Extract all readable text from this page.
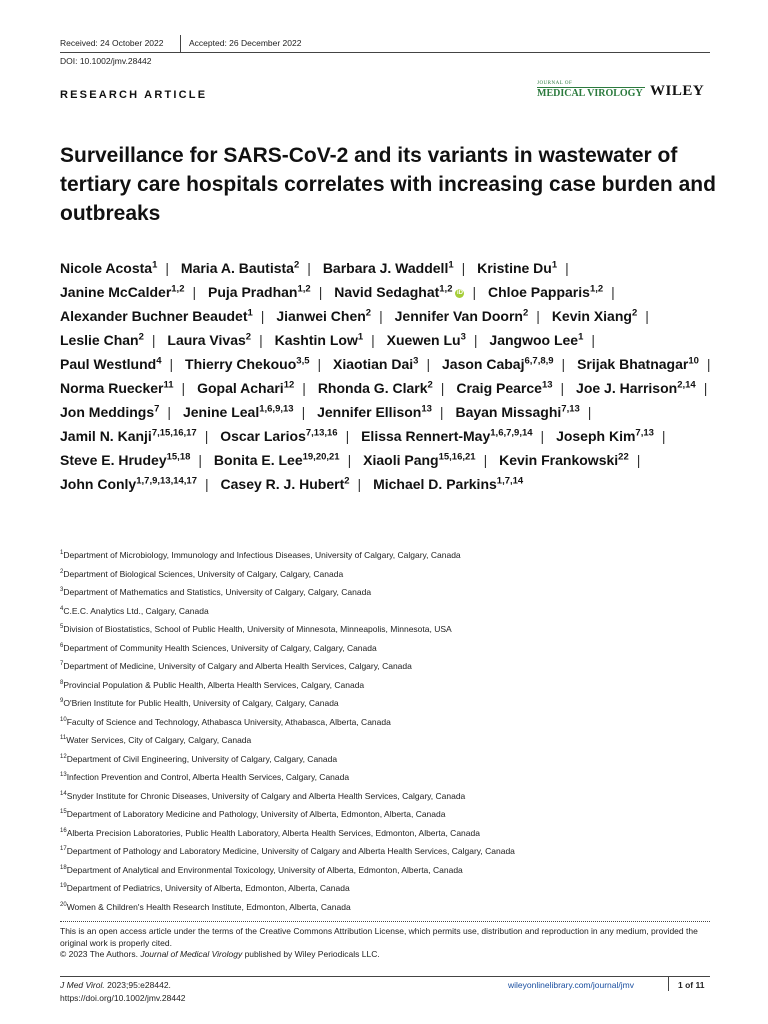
Received: 24 October 2022	Accepted: 26 December 2022
DOI: 10.1002/jmv.28442
RESEARCH ARTICLE
JOURNAL OF
MEDICAL VIROLOGY WILEY
Surveillance for SARS-CoV-2 and its variants in wastewater of tertiary care hospitals correlates with increasing case burden and outbreaks
Nicole Acosta$^1$ | Maria A. Bautista$^2$ | Barbara J. Waddell$^1$ | Kristine Du$^1$ | Janine McCalder$^{1,2}$ | Puja Pradhan$^{1,2}$ | Navid Sedaghat$^{1,2}$ iD | Chloe Papparis$^{1,2}$ | Alexander Buchner Beaudet$^1$ | Jianwei Chen$^2$ | Jennifer Van Doorn$^2$ | Kevin Xiang$^2$ | Leslie Chan$^2$ | Laura Vivas$^2$ | Kashtin Low$^1$ | Xuewen Lu$^3$ | Jangwoo Lee$^1$ | Paul Westlund$^4$ | Thierry Chekouo$^{3,5}$ | Xiaotian Dai$^3$ | Jason Cabaj$^{6,7,8,9}$ | Srijak Bhatnagar$^{10}$ | Norma Ruecker$^{11}$ | Gopal Achari$^{12}$ | Rhonda G. Clark$^2$ | Craig Pearce$^{13}$ | Joe J. Harrison$^{2,14}$ | Jon Meddings$^7$ | Jenine Leal$^{1,6,9,13}$ | Jennifer Ellison$^{13}$ | Bayan Missaghi$^{7,13}$ | Jamil N. Kanji$^{7,15,16,17}$ | Oscar Larios$^{7,13,16}$ | Elissa Rennert-May$^{1,6,7,9,14}$ | Joseph Kim$^{7,13}$ | Steve E. Hrudey$^{15,18}$ | Bonita E. Lee$^{19,20,21}$ | Xiaoli Pang$^{15,16,21}$ | Kevin Frankowski$^{22}$ | John Conly$^{1,7,9,13,14,17}$ | Casey R. J. Hubert$^2$ | Michael D. Parkins$^{1,7,14}$
$^1$Department of Microbiology, Immunology and Infectious Diseases, University of Calgary, Calgary, Canada
$^2$Department of Biological Sciences, University of Calgary, Calgary, Canada
$^3$Department of Mathematics and Statistics, University of Calgary, Calgary, Canada
$^4$C.E.C. Analytics Ltd., Calgary, Canada
$^5$Division of Biostatistics, School of Public Health, University of Minnesota, Minneapolis, Minnesota, USA
$^6$Department of Community Health Sciences, University of Calgary, Calgary, Canada
$^7$Department of Medicine, University of Calgary and Alberta Health Services, Calgary, Canada
$^8$Provincial Population & Public Health, Alberta Health Services, Calgary, Canada
$^9$O'Brien Institute for Public Health, University of Calgary, Calgary, Canada
$^{10}$Faculty of Science and Technology, Athabasca University, Athabasca, Alberta, Canada
$^{11}$Water Services, City of Calgary, Calgary, Canada
$^{12}$Department of Civil Engineering, University of Calgary, Calgary, Canada
$^{13}$Infection Prevention and Control, Alberta Health Services, Calgary, Canada
$^{14}$Snyder Institute for Chronic Diseases, University of Calgary and Alberta Health Services, Calgary, Canada
$^{15}$Department of Laboratory Medicine and Pathology, University of Alberta, Edmonton, Alberta, Canada
$^{16}$Alberta Precision Laboratories, Public Health Laboratory, Alberta Health Services, Edmonton, Alberta, Canada
$^{17}$Department of Pathology and Laboratory Medicine, University of Calgary and Alberta Health Services, Calgary, Canada
$^{18}$Department of Analytical and Environmental Toxicology, University of Alberta, Edmonton, Alberta, Canada
$^{19}$Department of Pediatrics, University of Alberta, Edmonton, Alberta, Canada
$^{20}$Women & Children's Health Research Institute, Edmonton, Alberta, Canada
This is an open access article under the terms of the Creative Commons Attribution License, which permits use, distribution and reproduction in any medium, provided the original work is properly cited.
© 2023 The Authors. Journal of Medical Virology published by Wiley Periodicals LLC.
J Med Virol. 2023;95:e28442.
https://doi.org/10.1002/jmv.28442
wileyonlinelibrary.com/journal/jmv	1 of 11
